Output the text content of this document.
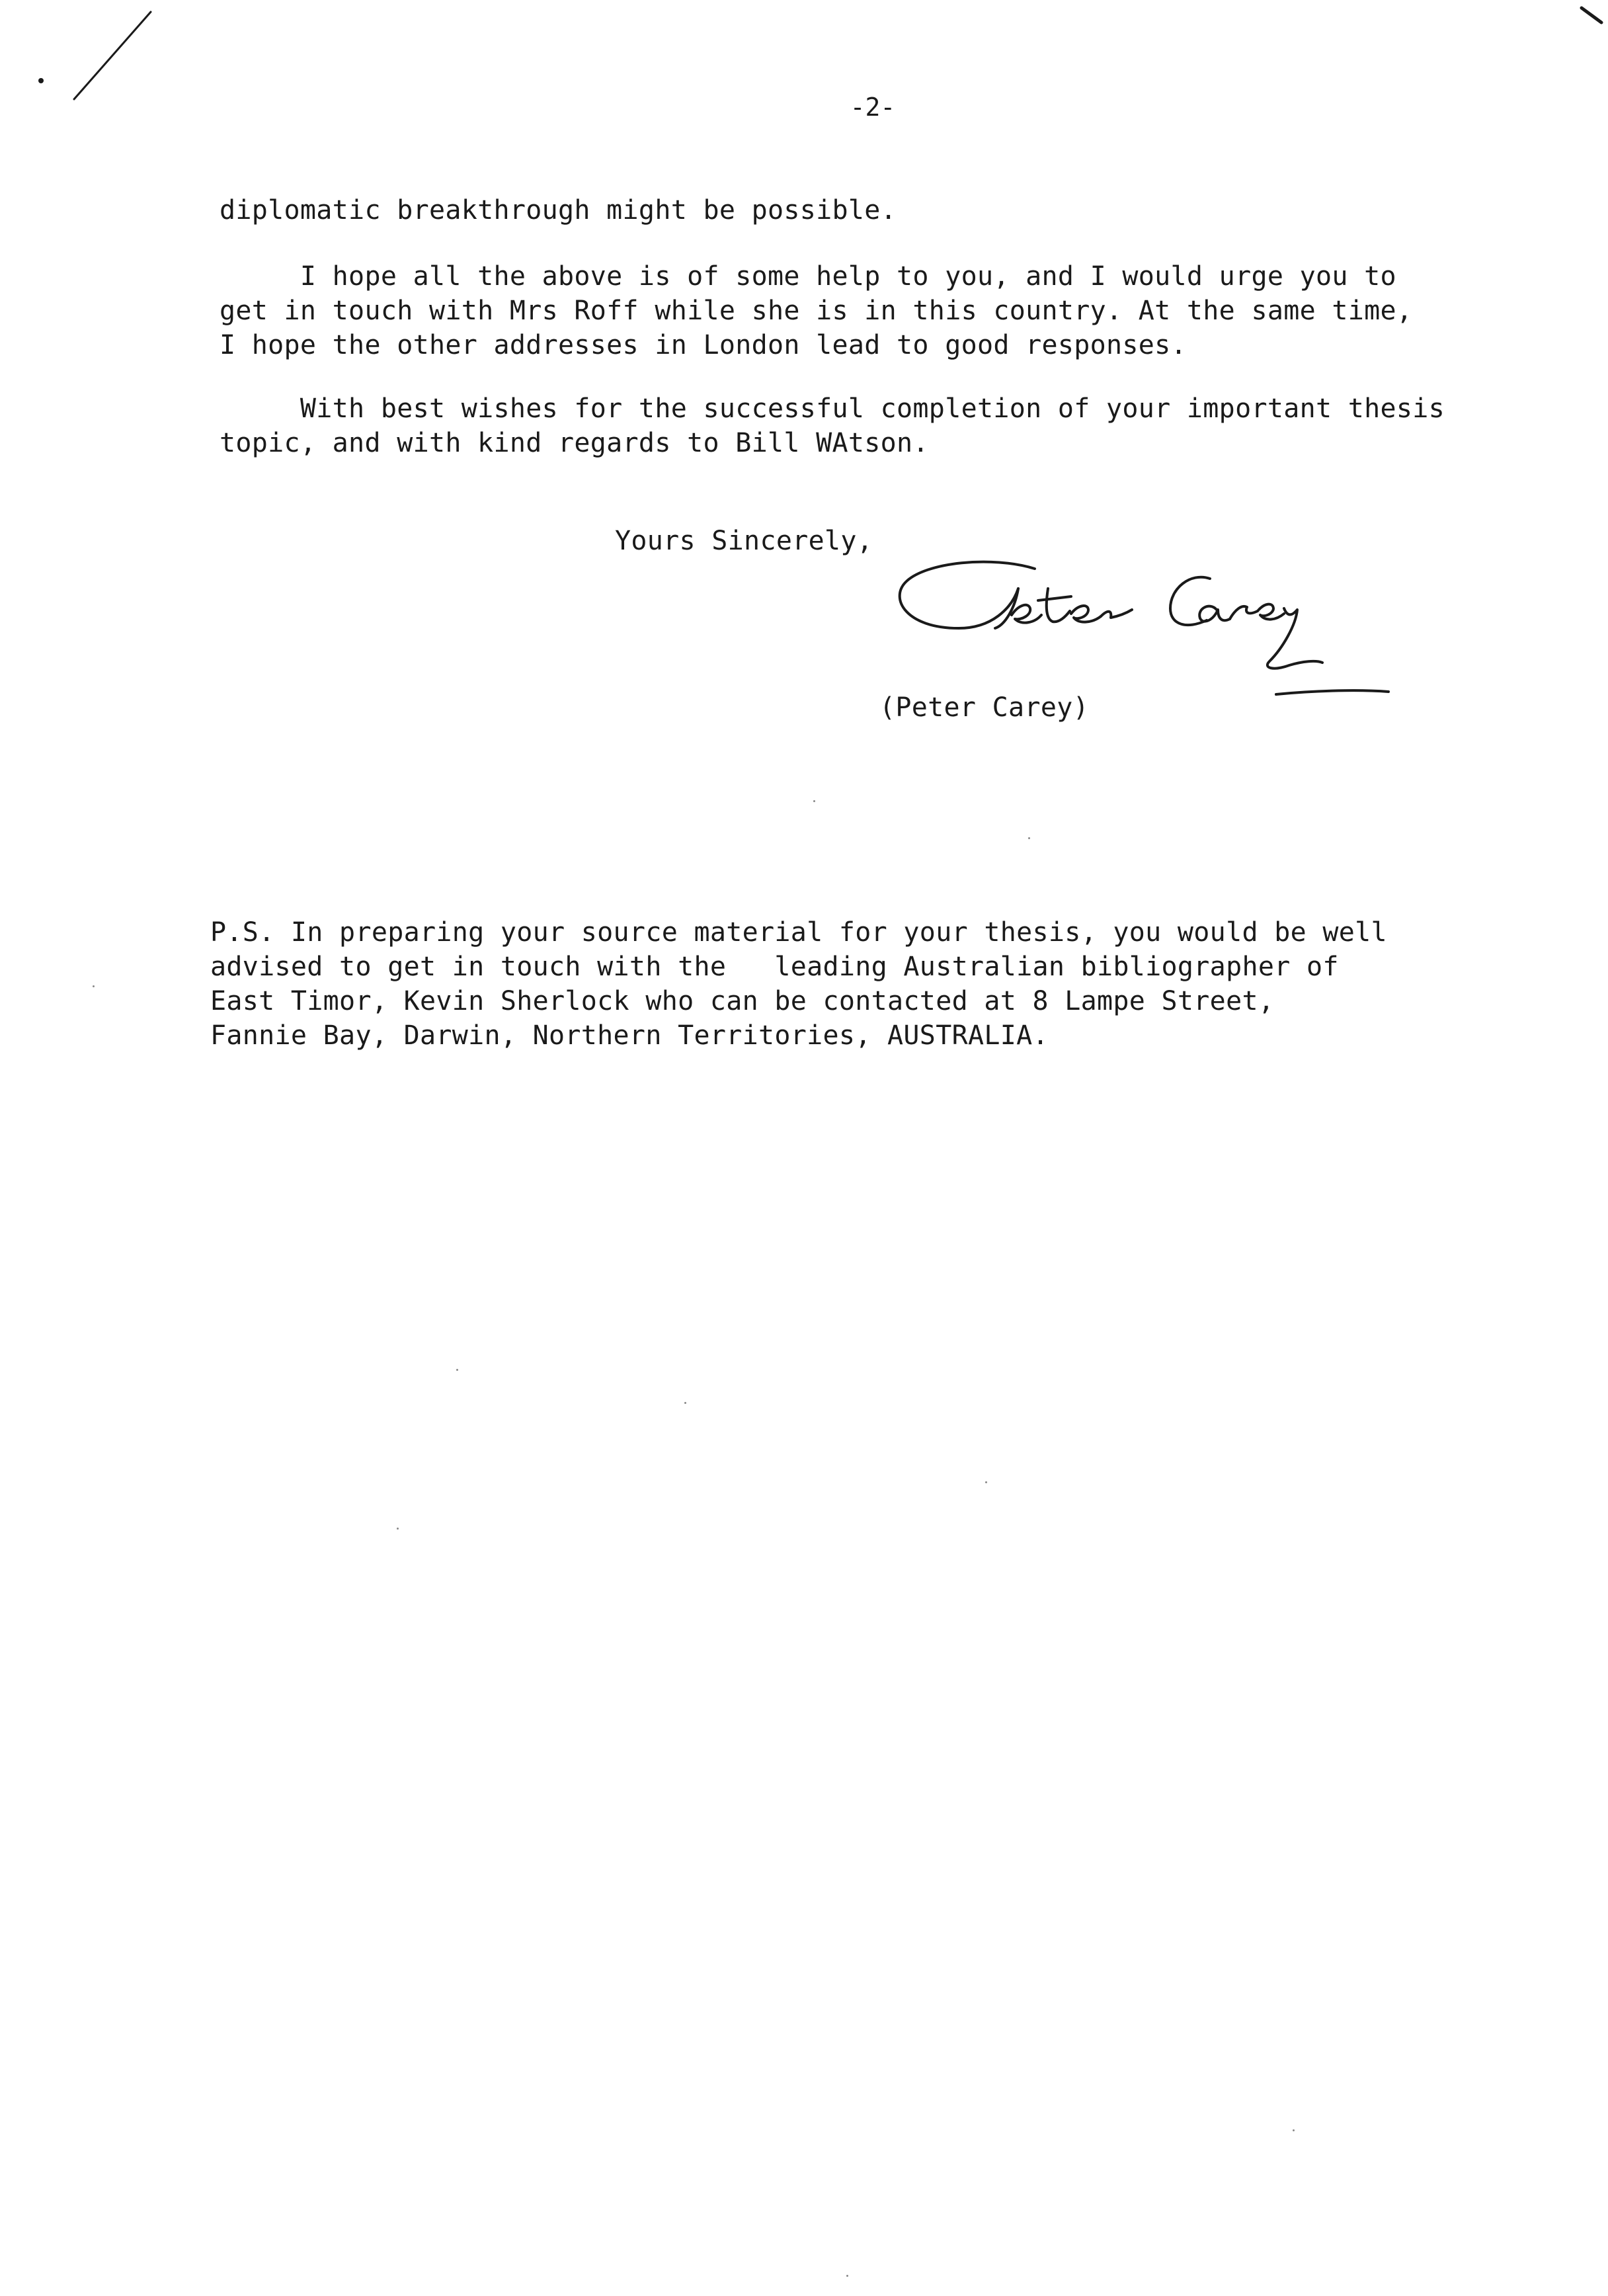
-2-
diplomatic breakthrough might be possible.
I hope all the above is of some help to you, and I would urge you to
get in touch with Mrs Roff while she is in this country. At the same time,
I hope the other addresses in London lead to good responses.
With best wishes for the successful completion of your important thesis
topic, and with kind regards to Bill WAtson.
Yours Sincerely,
(Peter Carey)
P.S. In preparing your source material for your thesis, you would be well
advised to get in touch with the   leading Australian bibliographer of
East Timor, Kevin Sherlock who can be contacted at 8 Lampe Street,
Fannie Bay, Darwin, Northern Territories, AUSTRALIA.
